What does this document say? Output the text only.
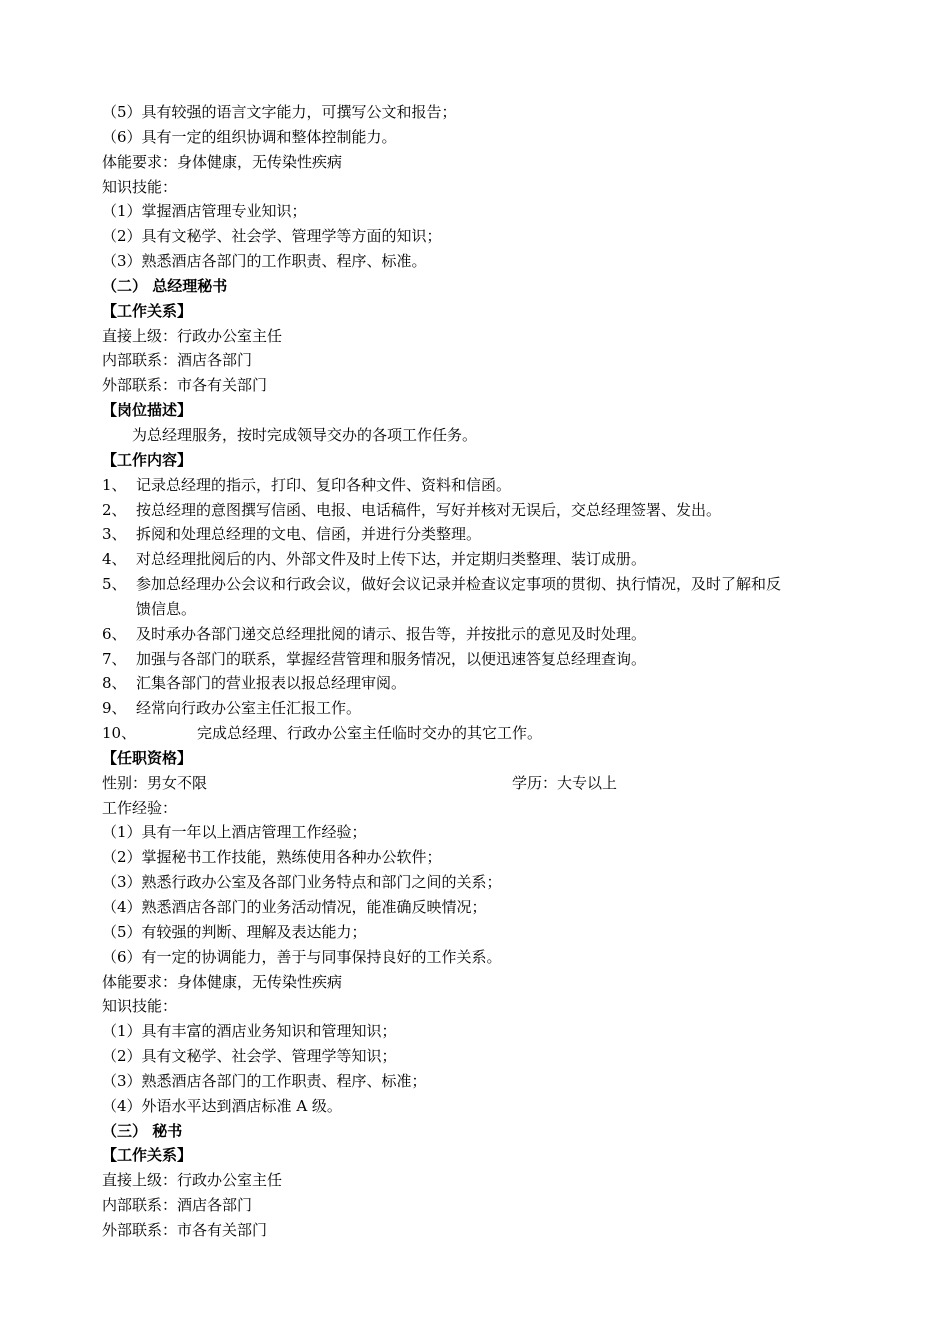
（5）具有较强的语言文字能力，可撰写公文和报告；
（6）具有一定的组织协调和整体控制能力。
体能要求：身体健康，无传染性疾病
知识技能：
（1）掌握酒店管理专业知识；
（2）具有文秘学、社会学、管理学等方面的知识；
（3）熟悉酒店各部门的工作职责、程序、标准。
（二） 总经理秘书
【工作关系】
直接上级：行政办公室主任
内部联系：酒店各部门
外部联系：市各有关部门
【岗位描述】
为总经理服务，按时完成领导交办的各项工作任务。
【工作内容】
1、 记录总经理的指示，打印、复印各种文件、资料和信函。
2、 按总经理的意图撰写信函、电报、电话稿件，写好并核对无误后，交总经理签署、发出。
3、 拆阅和处理总经理的文电、信函，并进行分类整理。
4、 对总经理批阅后的内、外部文件及时上传下达，并定期归类整理、装订成册。
5、 参加总经理办公会议和行政会议，做好会议记录并检查议定事项的贯彻、执行情况，及时了解和反
馈信息。
6、 及时承办各部门递交总经理批阅的请示、报告等，并按批示的意见及时处理。
7、 加强与各部门的联系，掌握经营管理和服务情况，以便迅速答复总经理查询。
8、 汇集各部门的营业报表以报总经理审阅。
9、 经常向行政办公室主任汇报工作。
10、	完成总经理、行政办公室主任临时交办的其它工作。
【任职资格】
性别：男女不限	学历：大专以上
工作经验：
（1）具有一年以上酒店管理工作经验；
（2）掌握秘书工作技能，熟练使用各种办公软件；
（3）熟悉行政办公室及各部门业务特点和部门之间的关系；
（4）熟悉酒店各部门的业务活动情况，能准确反映情况；
（5）有较强的判断、理解及表达能力；
（6）有一定的协调能力，善于与同事保持良好的工作关系。
体能要求：身体健康，无传染性疾病
知识技能：
（1）具有丰富的酒店业务知识和管理知识；
（2）具有文秘学、社会学、管理学等知识；
（3）熟悉酒店各部门的工作职责、程序、标准；
（4）外语水平达到酒店标准 A 级。
（三） 秘书
【工作关系】
直接上级：行政办公室主任
内部联系：酒店各部门
外部联系：市各有关部门
